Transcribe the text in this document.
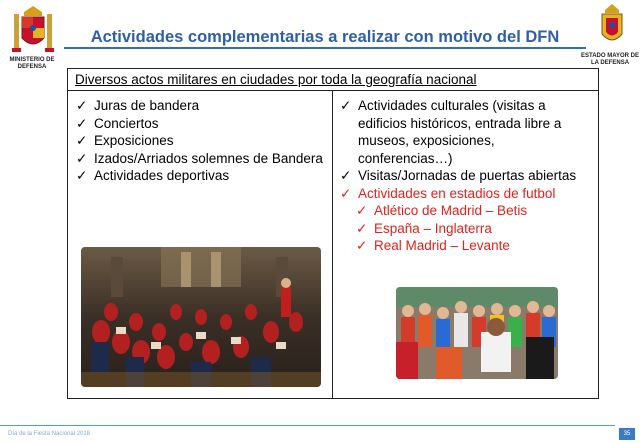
MINISTERIO DE DEFENSA
Actividades complementarias a realizar con motivo del DFN
ESTADO MAYOR DE LA DEFENSA
Diversos actos militares en ciudades por toda la geografía nacional
✓ Juras de bandera
✓ Conciertos
✓ Exposiciones
✓ Izados/Arriados solemnes de Bandera
✓ Actividades deportivas
✓ Actividades culturales (visitas a edificios históricos, entrada libre a museos, exposiciones, conferencias…)
✓ Visitas/Jornadas de puertas abiertas
✓ Actividades en estadios de futbol
✓ Atlético de Madrid – Betis
✓ España – Inglaterra
✓ Real Madrid – Levante
Día de la Fiesta Nacional 2018	35
